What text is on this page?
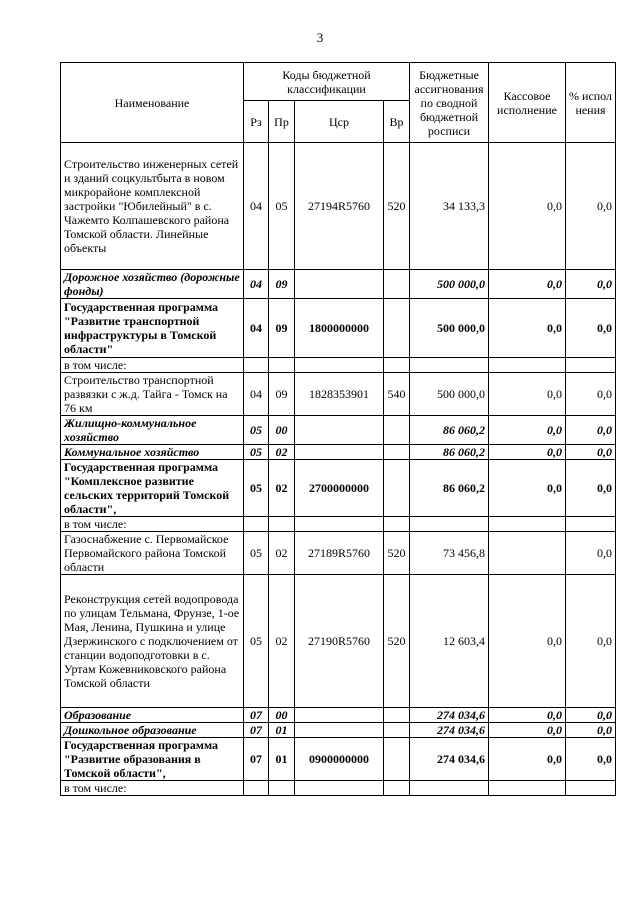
3
Наименование	Коды бюджетной классификации				Бюджетные ассигнования по сводной бюджетной росписи	Кассовое исполнение	% испол нения
	Рз	Пр	Цср	Вр			
Строительство инженерных сетей и зданий соцкультбыта в новом микрорайоне комплексной застройки "Юбилейный" в с. Чажемто Колпашевского района Томской области. Линейные объекты	04	05	27194R5760	520	34 133,3	0,0	0,0
Дорожное хозяйство (дорожные фонды)	04	09			500 000,0	0,0	0,0
Государственная программа "Развитие транспортной инфраструктуры в Томской области"	04	09	1800000000		500 000,0	0,0	0,0
в том числе:							
Строительство транспортной развязки с ж.д. Тайга - Томск на 76 км	04	09	1828353901	540	500 000,0	0,0	0,0
Жилищно-коммунальное хозяйство	05	00			86 060,2	0,0	0,0
Коммунальное хозяйство	05	02			86 060,2	0,0	0,0
Государственная программа "Комплексное развитие сельских территорий Томской области",	05	02	2700000000		86 060,2	0,0	0,0
в том числе:							
Газоснабжение с. Первомайское Первомайского района Томской области	05	02	27189R5760	520	73 456,8		0,0
Реконструкция сетей водопровода по улицам Тельмана, Фрунзе, 1-ое Мая, Ленина, Пушкина и улице Дзержинского с подключением от станции водоподготовки в с. Уртам Кожевниковского района Томской области	05	02	27190R5760	520	12 603,4	0,0	0,0
Образование	07	00			274 034,6	0,0	0,0
Дошкольное образование	07	01			274 034,6	0,0	0,0
Государственная программа "Развитие образования в Томской области",	07	01	0900000000		274 034,6	0,0	0,0
в том числе:							
